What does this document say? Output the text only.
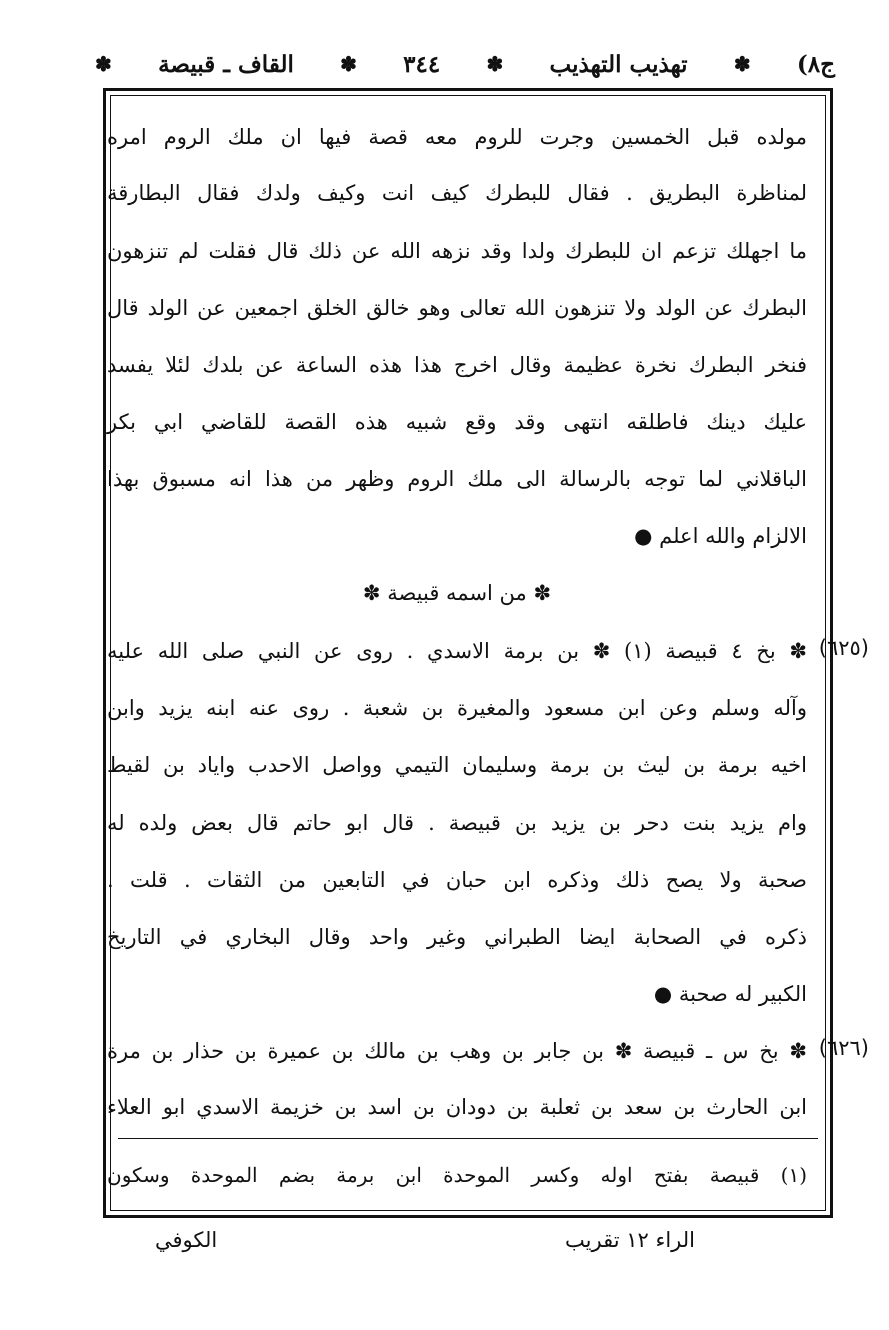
ج٨)
✽
تهذيب التهذيب
✽
٣٤٤
✽
القاف ـ قبيصة
✽
مولده قبل الخمسين وجرت للروم معه قصة فيها ان ملك الروم امره
لمناظرة البطريق . فقال للبطرك كيف انت وكيف ولدك فقال البطارقة
ما اجهلك تزعم ان للبطرك ولدا وقد نزهه الله عن ذلك قال فقلت لم تنزهون
البطرك عن الولد ولا تنزهون الله تعالى وهو خالق الخلق اجمعين عن الولد قال
فنخر البطرك نخرة عظيمة وقال اخرج هذا هذه الساعة عن بلدك لئلا يفسد
عليك دينك فاطلقه انتهى وقد وقع شبيه هذه القصة للقاضي ابي بكر
الباقلاني لما توجه بالرسالة الى ملك الروم وظهر من هذا انه مسبوق بهذا
الالزام والله اعلم ●
✽ من اسمه قبيصة ✽
(٦٢٥)
✽ بخ ٤ قبيصة (١) ✽ بن برمة الاسدي . روى عن النبي صلى الله عليه
وآله وسلم وعن ابن مسعود والمغيرة بن شعبة . روى عنه ابنه يزيد وابن
اخيه برمة بن ليث بن برمة وسليمان التيمي وواصل الاحدب واياد بن لقيط
وام يزيد بنت دحر بن يزيد بن قبيصة . قال ابو حاتم قال بعض ولده له
صحبة ولا يصح ذلك وذكره ابن حبان في التابعين من الثقات . قلت .
ذكره في الصحابة ايضا الطبراني وغير واحد وقال البخاري في التاريخ
الكبير له صحبة ●
(٦٢٦)
✽ بخ س ـ قبيصة ✽ بن جابر بن وهب بن مالك بن عميرة بن حذار بن مرة
ابن الحارث بن سعد بن ثعلبة بن دودان بن اسد بن خزيمة الاسدي ابو العلاء
(١) قبيصة بفتح اوله وكسر الموحدة ابن برمة بضم الموحدة وسكون
الراء ١٢ تقريب
الكوفي
